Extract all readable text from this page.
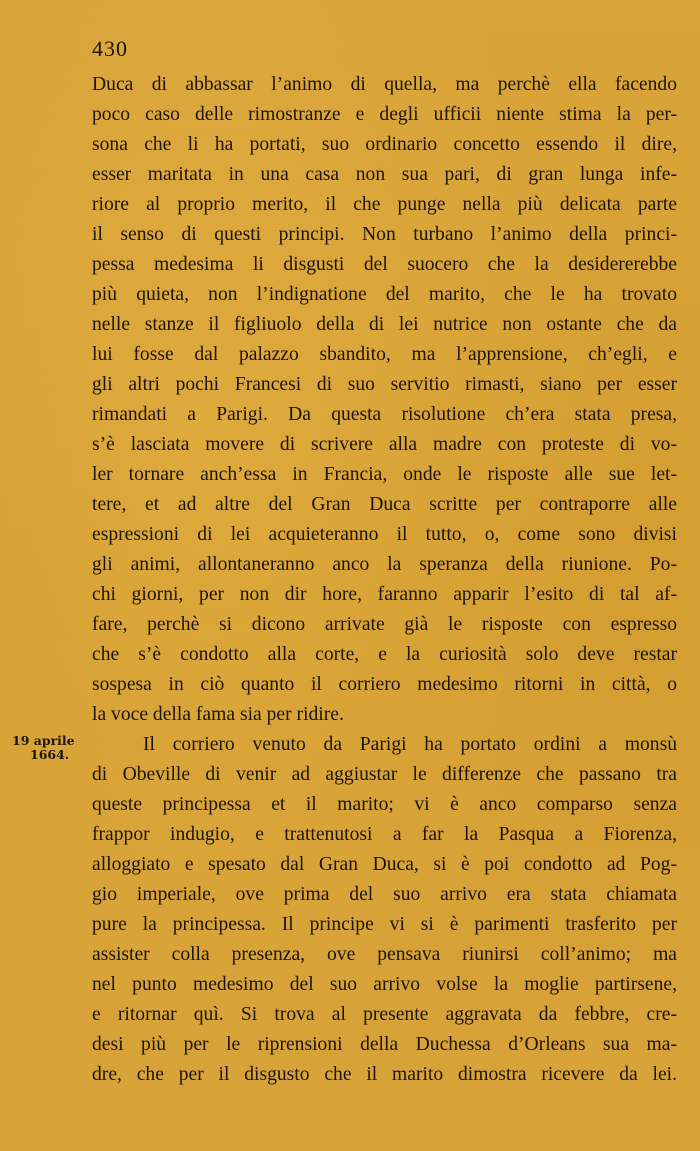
430
19 aprile
1664.
Duca di abbassar l’animo di quella, ma perchè ella facendo
poco caso delle rimostranze e degli ufficii niente stima la per-
sona che li ha portati, suo ordinario concetto essendo il dire,
esser maritata in una casa non sua pari, di gran lunga infe-
riore al proprio merito, il che punge nella più delicata parte
il senso di questi principi. Non turbano l’animo della princi-
pessa medesima li disgusti del suocero che la desidererebbe
più quieta, non l’indignatione del marito, che le ha trovato
nelle stanze il figliuolo della di lei nutrice non ostante che da
lui fosse dal palazzo sbandito, ma l’apprensione, ch’egli, e
gli altri pochi Francesi di suo servitio rimasti, siano per esser
rimandati a Parigi. Da questa risolutione ch’era stata presa,
s’è lasciata movere di scrivere alla madre con proteste di vo-
ler tornare anch’essa in Francia, onde le risposte alle sue let-
tere, et ad altre del Gran Duca scritte per contraporre alle
espressioni di lei acquieteranno il tutto, o, come sono divisi
gli animi, allontaneranno anco la speranza della riunione. Po-
chi giorni, per non dir hore, faranno apparir l’esito di tal af-
fare, perchè si dicono arrivate già le risposte con espresso
che s’è condotto alla corte, e la curiosità solo deve restar
sospesa in ciò quanto il corriero medesimo ritorni in città, o
la voce della fama sia per ridire.
Il corriero venuto da Parigi ha portato ordini a monsù
di Obeville di venir ad aggiustar le differenze che passano tra
queste principessa et il marito; vi è anco comparso senza
frappor indugio, e trattenutosi a far la Pasqua a Fiorenza,
alloggiato e spesato dal Gran Duca, si è poi condotto ad Pog-
gio imperiale, ove prima del suo arrivo era stata chiamata
pure la principessa. Il principe vi si è parimenti trasferito per
assister colla presenza, ove pensava riunirsi coll’animo; ma
nel punto medesimo del suo arrivo volse la moglie partirsene,
e ritornar quì. Si trova al presente aggravata da febbre, cre-
desi più per le riprensioni della Duchessa d’Orleans sua ma-
dre, che per il disgusto che il marito dimostra ricevere da lei.
